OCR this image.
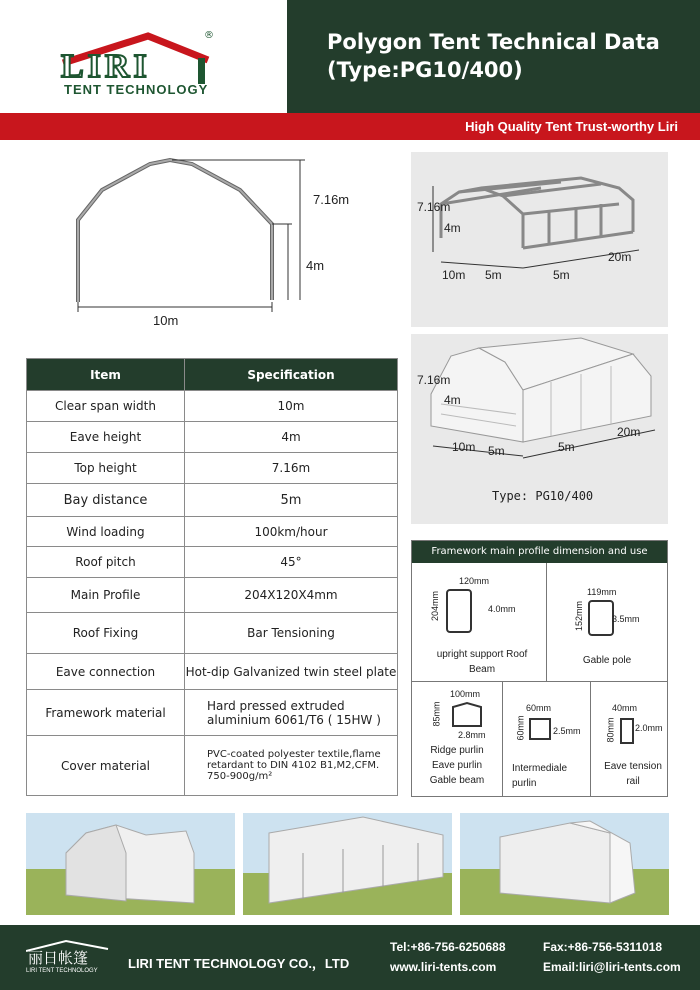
LIRI
®
TENT TECHNOLOGY
Polygon Tent Technical Data
(Type:PG10/400)
High Quality Tent Trust-worthy Liri
7.16m
4m
10m
7.16m
4m
10m 5m	5m
20m
7.16m
4m
10m 5m	5m
20m
Type: PG10/400
Item	Specification
Clear span width	10m
Eave height	4m
Top height	7.16m
Bay distance	5m
Wind loading	100km/hour
Roof pitch	45°
Main Profile	204X120X4mm
Roof Fixing	Bar Tensioning
Eave connection	Hot-dip Galvanized twin steel plate
Framework material	Hard pressed extruded aluminium 6061/T6 ( 15HW )
Cover material	PVC-coated polyester textile,flame retardant to DIN 4102 B1,M2,CFM. 750-900g/m²
Framework main profile dimension and use
120mm
204mm	4.0mm
upright support Roof Beam
119mm
152mm	3.5mm
Gable pole
100mm
85mm
2.8mm
Ridge purlin
Eave purlin
Gable beam
60mm
60mm	2.5mm
Intermediale
purlin
40mm
80mm 2.0mm
Eave tension
rail
丽日帐篷
LIRI TENT TECHNOLOGY LIRI TENT TECHNOLOGY CO.，LTD
Tel:+86-756-6250688	Fax:+86-756-5311018
www.liri-tents.com	Email:liri@liri-tents.com
